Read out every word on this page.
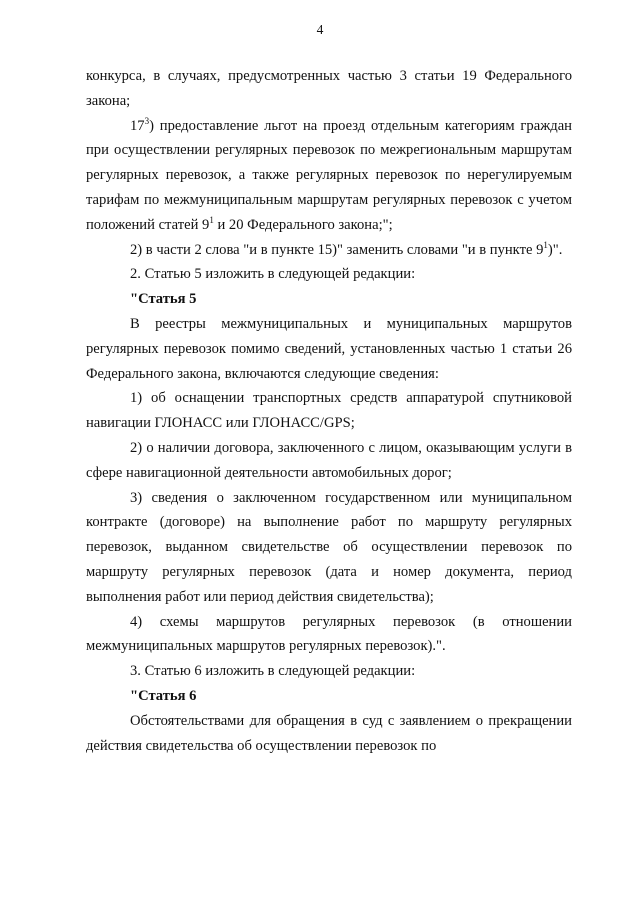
4

конкурса, в случаях, предусмотренных частью 3 статьи 19 Федерального закона;

$17^3$) предоставление льгот на проезд отдельным категориям граждан при осуществлении регулярных перевозок по межрегиональным маршрутам регулярных перевозок, а также регулярных перевозок по нерегулируемым тарифам по межмуниципальным маршрутам регулярных перевозок с учетом положений статей $9^1$ и 20 Федерального закона;";

2) в части 2 слова "и в пункте 15)" заменить словами "и в пункте $9^1$)".

2. Статью 5 изложить в следующей редакции:

"Статья 5

В реестры межмуниципальных и муниципальных маршрутов регулярных перевозок помимо сведений, установленных частью 1 статьи 26 Федерального закона, включаются следующие сведения:

1) об оснащении транспортных средств аппаратурой спутниковой навигации ГЛОНАСС или ГЛОНАСС/GPS;

2) о наличии договора, заключенного с лицом, оказывающим услуги в сфере навигационной деятельности автомобильных дорог;

3) сведения о заключенном государственном или муниципальном контракте (договоре) на выполнение работ по маршруту регулярных перевозок, выданном свидетельстве об осуществлении перевозок по маршруту регулярных перевозок (дата и номер документа, период выполнения работ или период действия свидетельства);

4) схемы маршрутов регулярных перевозок (в отношении межмуниципальных маршрутов регулярных перевозок).".

3. Статью 6 изложить в следующей редакции:

"Статья 6

Обстоятельствами для обращения в суд с заявлением о прекращении действия свидетельства об осуществлении перевозок по
